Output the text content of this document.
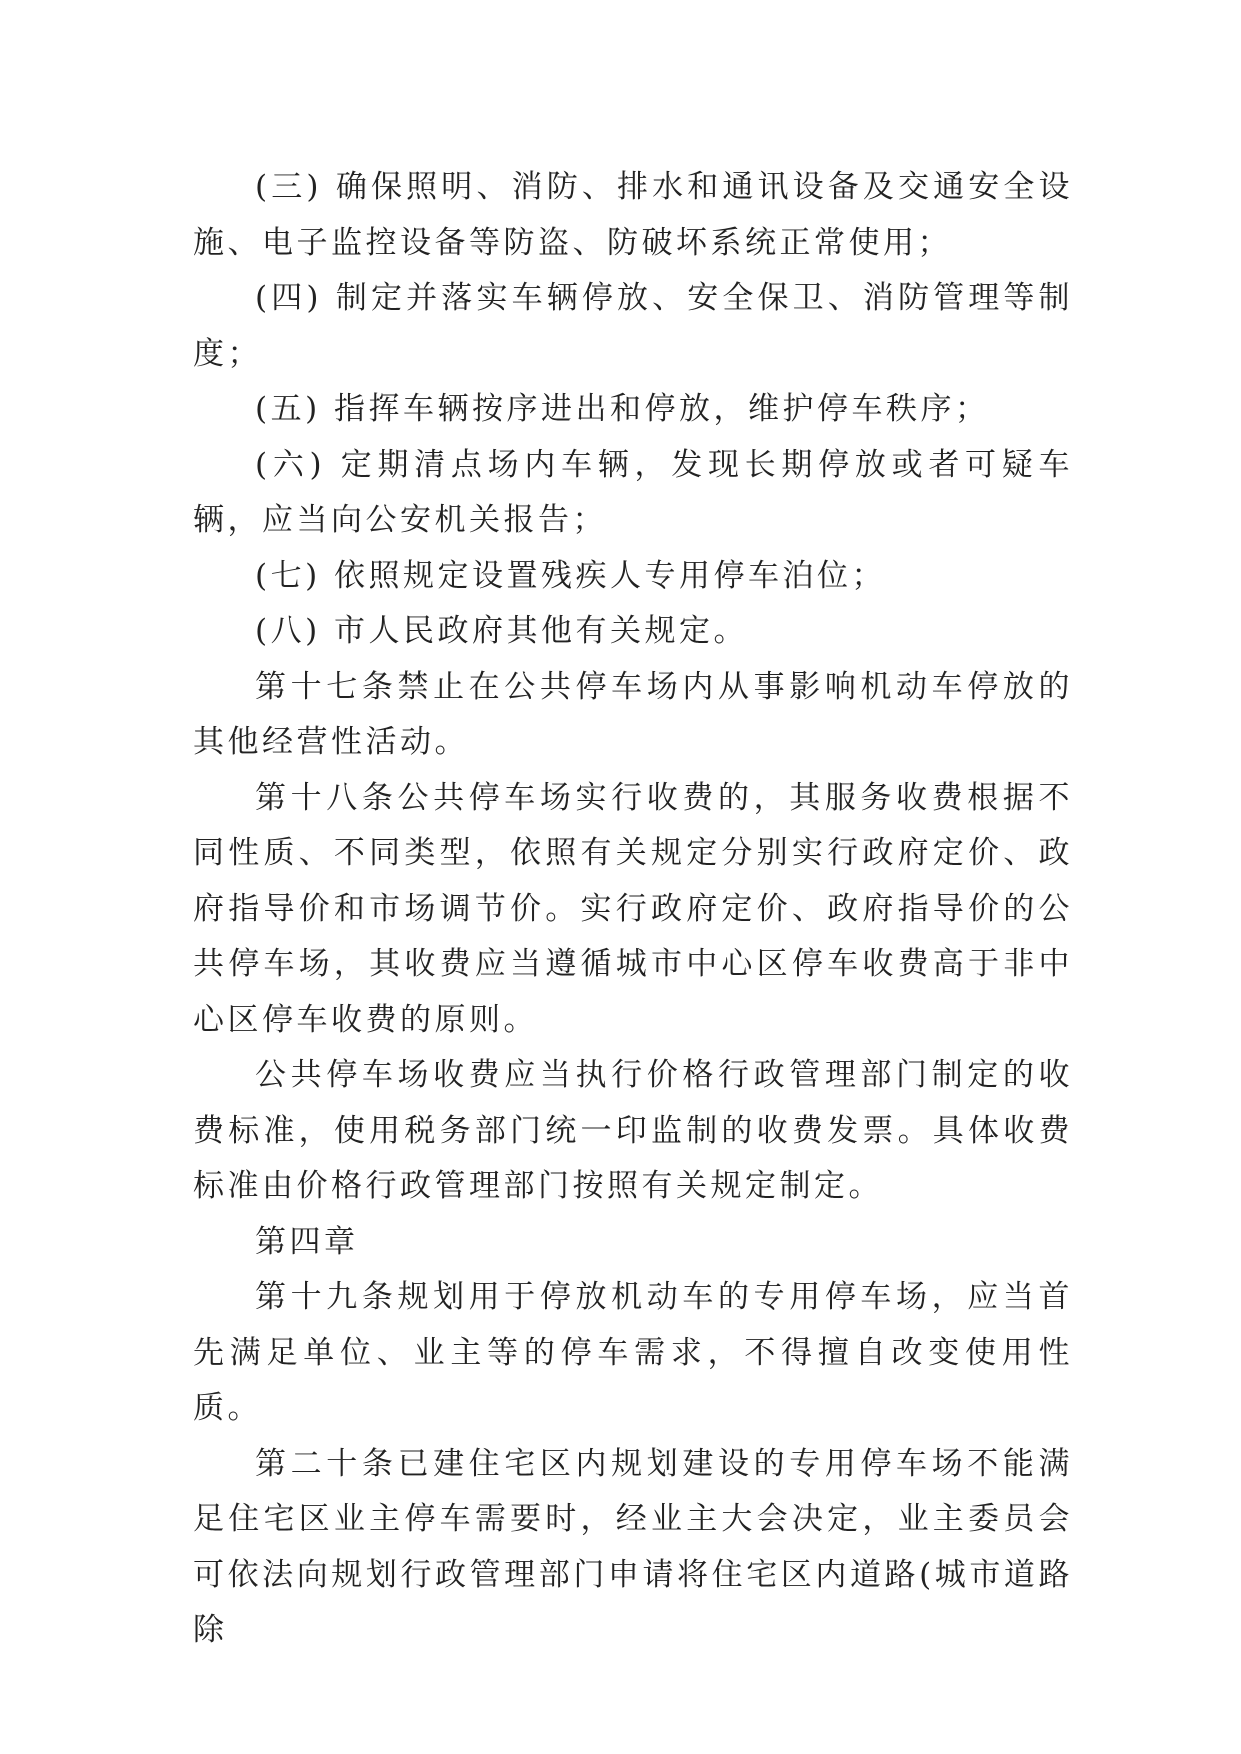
(三) 确保照明、消防、排水和通讯设备及交通安全设施、电子监控设备等防盗、防破坏系统正常使用；

(四) 制定并落实车辆停放、安全保卫、消防管理等制度；

(五) 指挥车辆按序进出和停放，维护停车秩序；

(六) 定期清点场内车辆，发现长期停放或者可疑车辆，应当向公安机关报告；

(七) 依照规定设置残疾人专用停车泊位；

(八) 市人民政府其他有关规定。

第十七条禁止在公共停车场内从事影响机动车停放的其他经营性活动。

第十八条公共停车场实行收费的，其服务收费根据不同性质、不同类型，依照有关规定分别实行政府定价、政府指导价和市场调节价。实行政府定价、政府指导价的公共停车场，其收费应当遵循城市中心区停车收费高于非中心区停车收费的原则。

公共停车场收费应当执行价格行政管理部门制定的收费标准，使用税务部门统一印监制的收费发票。具体收费标准由价格行政管理部门按照有关规定制定。

第四章

第十九条规划用于停放机动车的专用停车场，应当首先满足单位、业主等的停车需求，不得擅自改变使用性质。

第二十条已建住宅区内规划建设的专用停车场不能满足住宅区业主停车需要时，经业主大会决定，业主委员会可依法向规划行政管理部门申请将住宅区内道路(城市道路除
